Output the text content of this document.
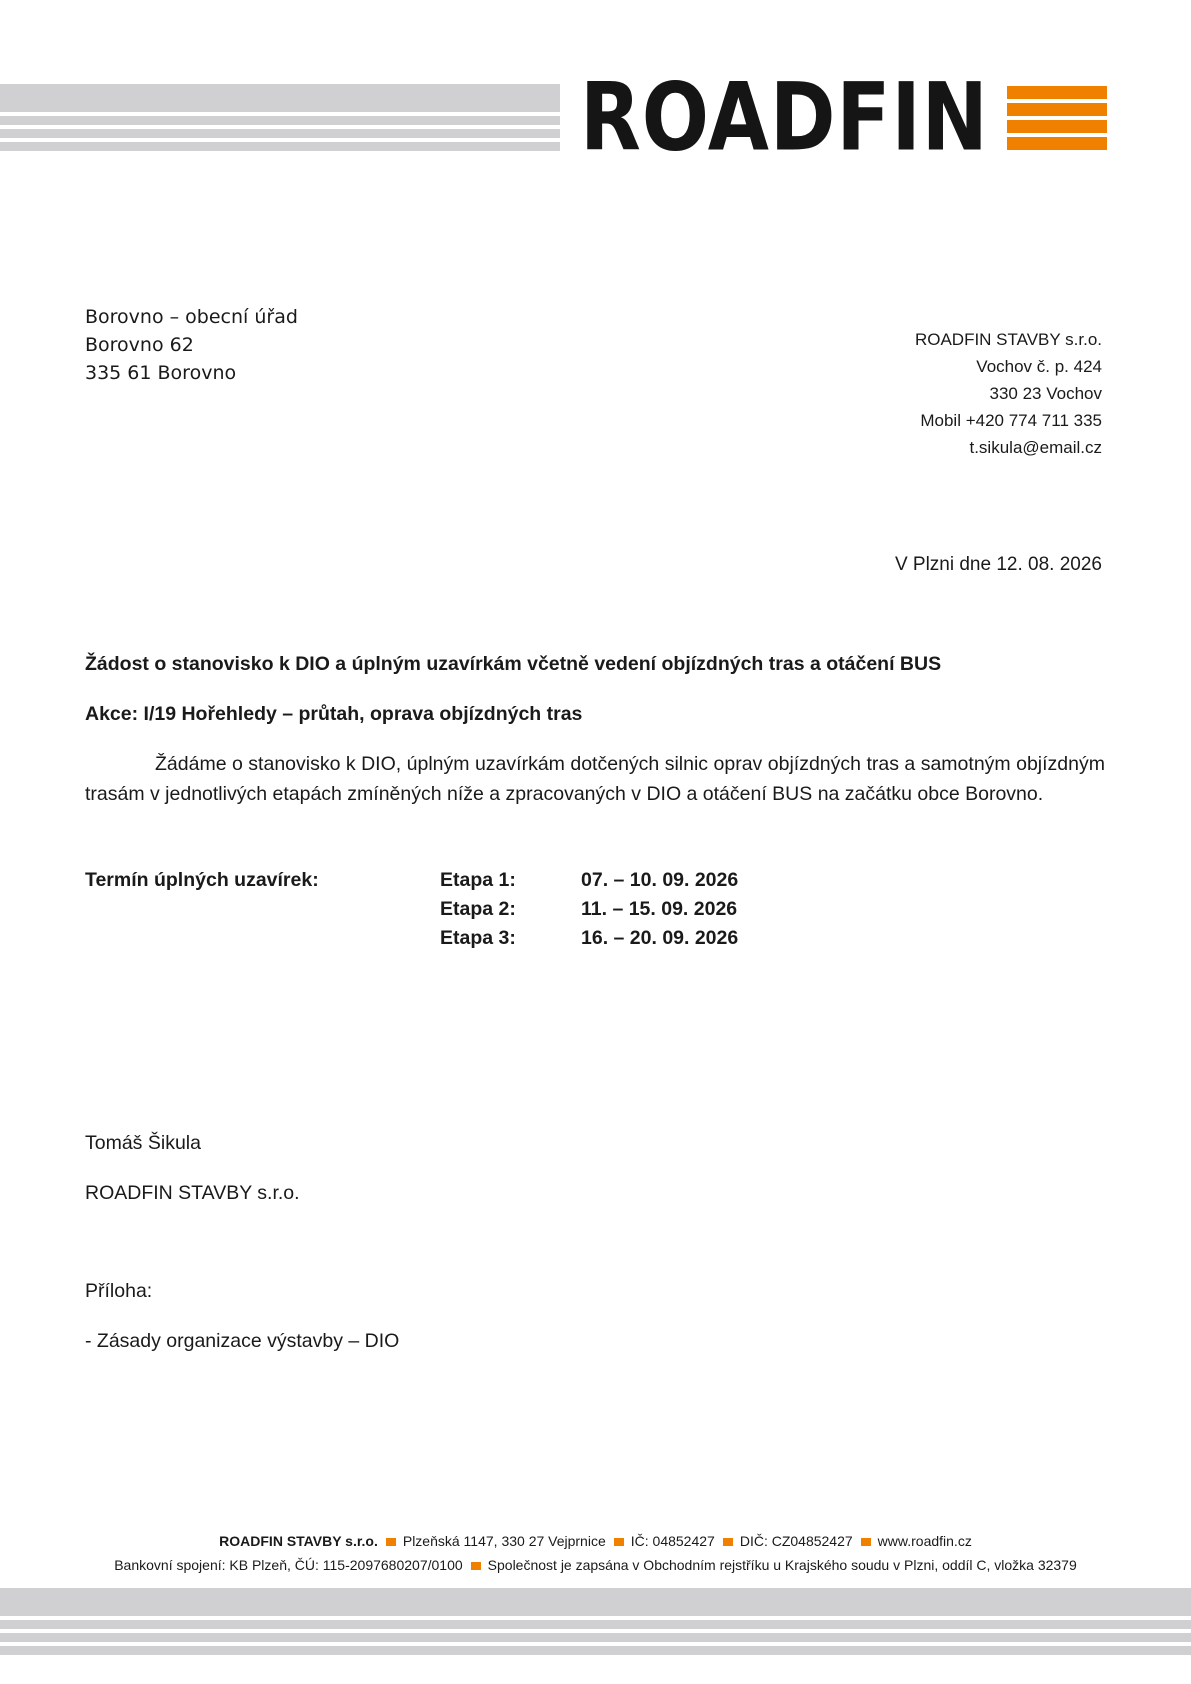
ROADFIN
Borovno – obecní úřad
Borovno 62
335 61 Borovno
ROADFIN STAVBY s.r.o.
Vochov č. p. 424
330 23 Vochov
Mobil +420 774 711 335
t.sikula@email.cz
V Plzni dne 12. 08. 2026
Žádost o stanovisko k DIO a úplným uzavírkám včetně vedení objízdných tras a otáčení BUS
Akce: I/19 Hořehledy – průtah, oprava objízdných tras
Žádáme o stanovisko k DIO, úplným uzavírkám dotčených silnic oprav objízdných tras a samotným objízdným trasám v jednotlivých etapách zmíněných níže a zpracovaných v DIO a otáčení BUS na začátku obce Borovno.
Termín úplných uzavírek:	Etapa 1:	07. – 10. 09. 2026
Etapa 2:	11. – 15. 09. 2026
Etapa 3:	16. – 20. 09. 2026
Tomáš Šikula
ROADFIN STAVBY s.r.o.
Příloha:
- Zásady organizace výstavby – DIO
ROADFIN STAVBY s.r.o. Plzeňská 1147, 330 27 Vejprnice IČ: 04852427 DIČ: CZ04852427 www.roadfin.cz
Bankovní spojení: KB Plzeň, ČÚ: 115-2097680207/0100 Společnost je zapsána v Obchodním rejstříku u Krajského soudu v Plzni, oddíl C, vložka 32379
